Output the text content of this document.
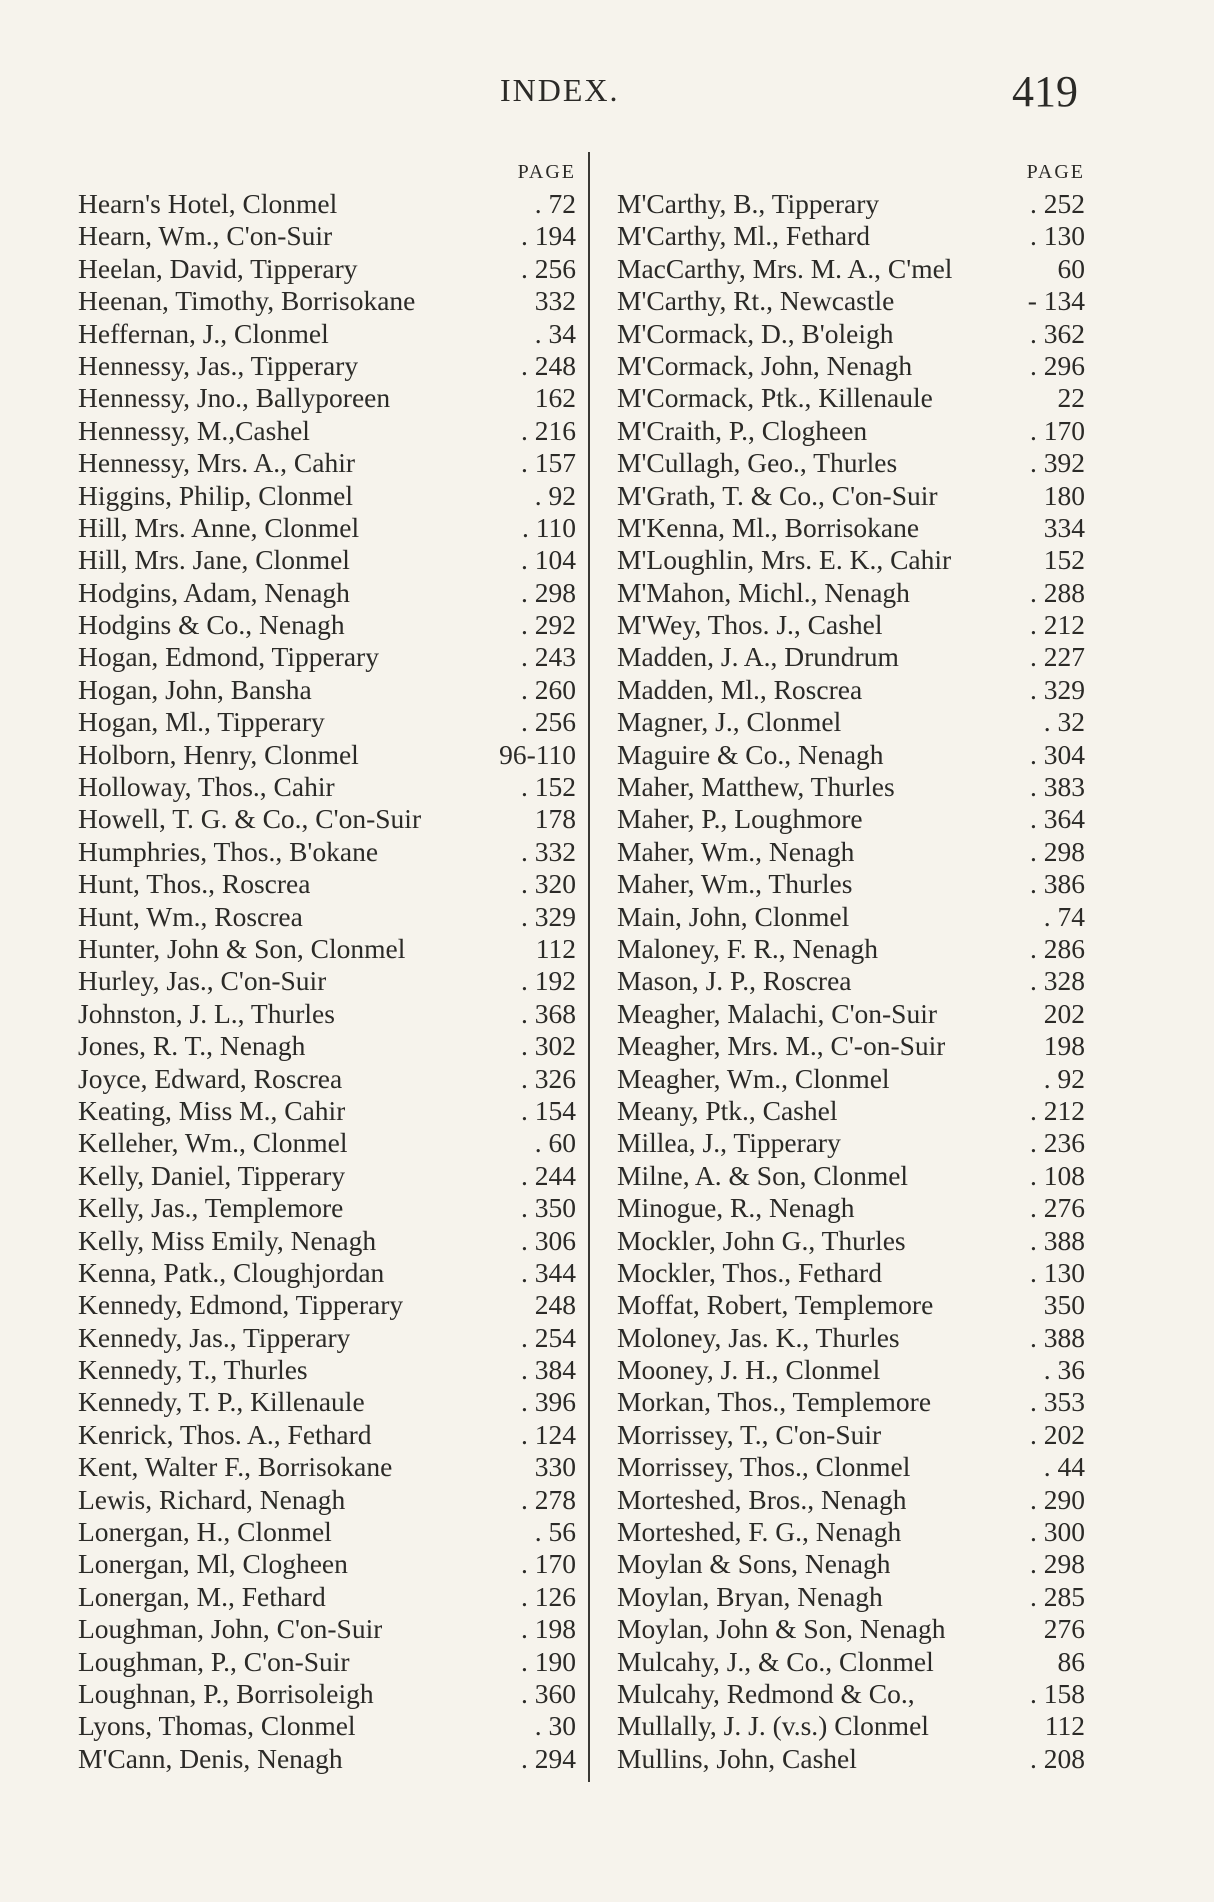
INDEX.	419
PAGE
Hearn's Hotel, Clonmel	. 72
Hearn, Wm., C'on-Suir	. 194
Heelan, David, Tipperary	. 256
Heenan, Timothy, Borrisokane	332
Heffernan, J., Clonmel	. 34
Hennessy, Jas., Tipperary	. 248
Hennessy, Jno., Ballyporeen	162
Hennessy, M.,Cashel	. 216
Hennessy, Mrs. A., Cahir	. 157
Higgins, Philip, Clonmel	. 92
Hill, Mrs. Anne, Clonmel	. 110
Hill, Mrs. Jane, Clonmel	. 104
Hodgins, Adam, Nenagh	. 298
Hodgins & Co., Nenagh	. 292
Hogan, Edmond, Tipperary	. 243
Hogan, John, Bansha	. 260
Hogan, Ml., Tipperary	. 256
Holborn, Henry, Clonmel	96-110
Holloway, Thos., Cahir	. 152
Howell, T. G. & Co., C'on-Suir	178
Humphries, Thos., B'okane	. 332
Hunt, Thos., Roscrea	. 320
Hunt, Wm., Roscrea	. 329
Hunter, John & Son, Clonmel	112
Hurley, Jas., C'on-Suir	. 192
Johnston, J. L., Thurles	. 368
Jones, R. T., Nenagh	. 302
Joyce, Edward, Roscrea	. 326
Keating, Miss M., Cahir	. 154
Kelleher, Wm., Clonmel	. 60
Kelly, Daniel, Tipperary	. 244
Kelly, Jas., Templemore	. 350
Kelly, Miss Emily, Nenagh	. 306
Kenna, Patk., Cloughjordan	. 344
Kennedy, Edmond, Tipperary	248
Kennedy, Jas., Tipperary	. 254
Kennedy, T., Thurles	. 384
Kennedy, T. P., Killenaule	. 396
Kenrick, Thos. A., Fethard	. 124
Kent, Walter F., Borrisokane	330
Lewis, Richard, Nenagh	. 278
Lonergan, H., Clonmel	. 56
Lonergan, Ml, Clogheen	. 170
Lonergan, M., Fethard	. 126
Loughman, John, C'on-Suir	. 198
Loughman, P., C'on-Suir	. 190
Loughnan, P., Borrisoleigh	. 360
Lyons, Thomas, Clonmel	. 30
M'Cann, Denis, Nenagh	. 294
PAGE
M'Carthy, B., Tipperary	. 252
M'Carthy, Ml., Fethard	. 130
MacCarthy, Mrs. M. A., C'mel	60
M'Carthy, Rt., Newcastle	- 134
M'Cormack, D., B'oleigh	. 362
M'Cormack, John, Nenagh	. 296
M'Cormack, Ptk., Killenaule	22
M'Craith, P., Clogheen	. 170
M'Cullagh, Geo., Thurles	. 392
M'Grath, T. & Co., C'on-Suir	180
M'Kenna, Ml., Borrisokane	334
M'Loughlin, Mrs. E. K., Cahir	152
M'Mahon, Michl., Nenagh	. 288
M'Wey, Thos. J., Cashel	. 212
Madden, J. A., Drundrum	. 227
Madden, Ml., Roscrea	. 329
Magner, J., Clonmel	. 32
Maguire & Co., Nenagh	. 304
Maher, Matthew, Thurles	. 383
Maher, P., Loughmore	. 364
Maher, Wm., Nenagh	. 298
Maher, Wm., Thurles	. 386
Main, John, Clonmel	. 74
Maloney, F. R., Nenagh	. 286
Mason, J. P., Roscrea	. 328
Meagher, Malachi, C'on-Suir	202
Meagher, Mrs. M., C'-on-Suir	198
Meagher, Wm., Clonmel	. 92
Meany, Ptk., Cashel	. 212
Millea, J., Tipperary	. 236
Milne, A. & Son, Clonmel	. 108
Minogue, R., Nenagh	. 276
Mockler, John G., Thurles	. 388
Mockler, Thos., Fethard	. 130
Moffat, Robert, Templemore	350
Moloney, Jas. K., Thurles	. 388
Mooney, J. H., Clonmel	. 36
Morkan, Thos., Templemore	. 353
Morrissey, T., C'on-Suir	. 202
Morrissey, Thos., Clonmel	. 44
Morteshed, Bros., Nenagh	. 290
Morteshed, F. G., Nenagh	. 300
Moylan & Sons, Nenagh	. 298
Moylan, Bryan, Nenagh	. 285
Moylan, John & Son, Nenagh	276
Mulcahy, J., & Co., Clonmel	86
Mulcahy, Redmond & Co.,	. 158
Mullally, J. J. (v.s.) Clonmel	112
Mullins, John, Cashel	. 208
